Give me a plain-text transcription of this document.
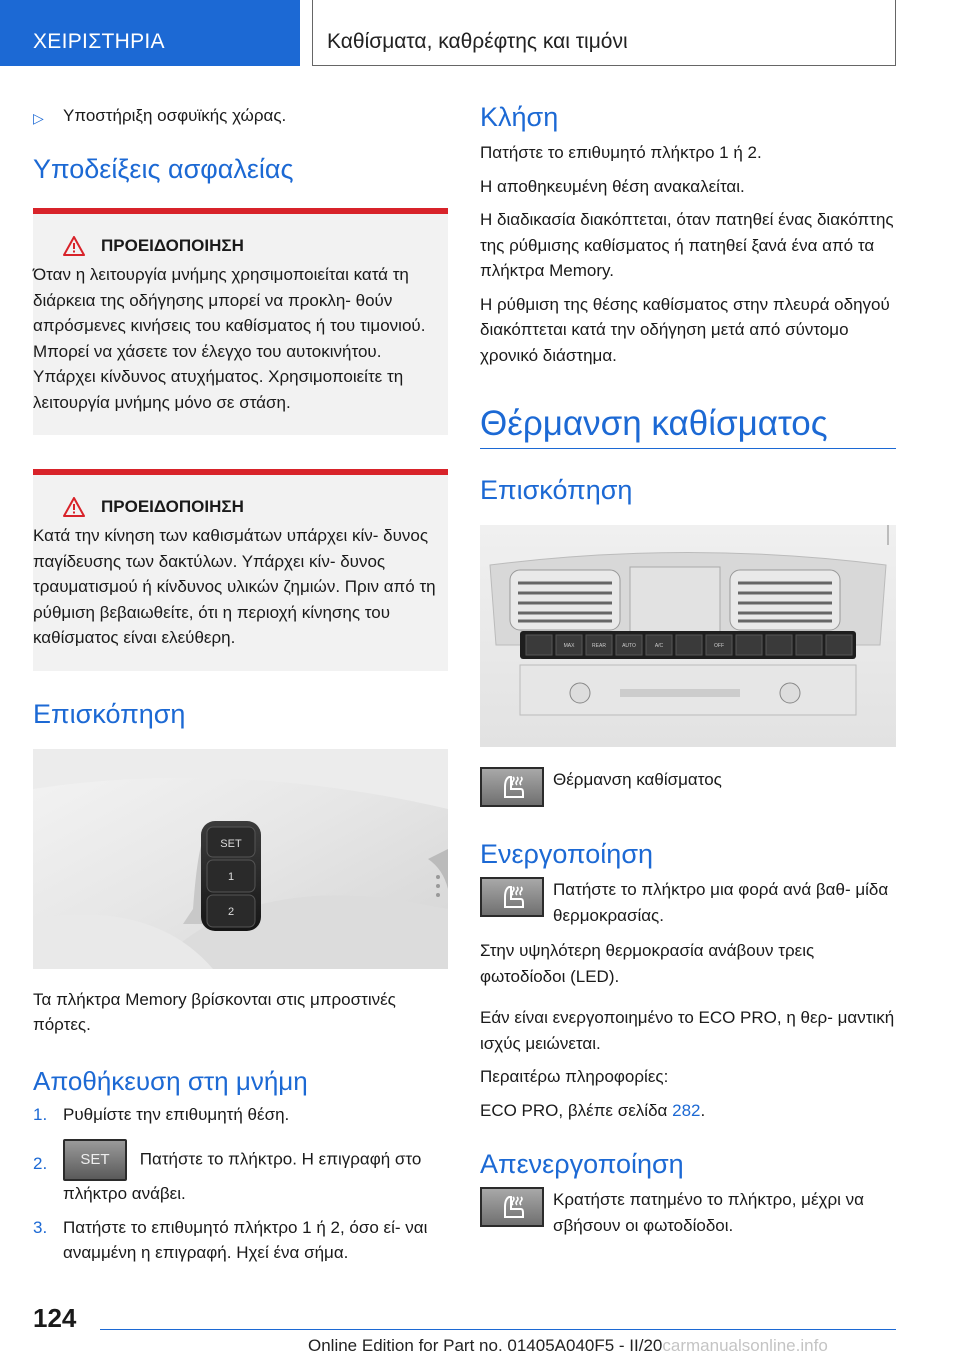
ΧΕΙΡΙΣΤΗΡΙΑ	Καθίσματα, καθρέφτης και τιμόνι
▷	Υποστήριξη οσφυϊκής χώρας.
Υποδείξεις ασφαλείας
ΠΡΟΕΙΔΟΠΟΙΗΣΗ
Όταν η λειτουργία μνήμης χρησιμοποιείται κατά τη διάρκεια της οδήγησης μπορεί να προκλη- θούν απρόσμενες κινήσεις του καθίσματος ή του τιμονιού. Μπορεί να χάσετε τον έλεγχο του αυτοκινήτου. Υπάρχει κίνδυνος ατυχήματος. Χρησιμοποιείτε τη λειτουργία μνήμης μόνο σε στάση.
ΠΡΟΕΙΔΟΠΟΙΗΣΗ
Κατά την κίνηση των καθισμάτων υπάρχει κίν- δυνος παγίδευσης των δακτύλων. Υπάρχει κίν- δυνος τραυματισμού ή κίνδυνος υλικών ζημιών. Πριν από τη ρύθμιση βεβαιωθείτε, ότι η περιοχή κίνησης του καθίσματος είναι ελεύθερη.
Επισκόπηση
SET
1
2

Τα πλήκτρα Memory βρίσκονται στις μπροστινές πόρτες.

Αποθήκευση στη μνήμη
1. Ρυθμίστε την επιθυμητή θέση.
2.	SET Πατήστε το πλήκτρο. Η επιγραφή στο πλήκτρο ανάβει.
3. Πατήστε το επιθυμητό πλήκτρο 1 ή 2, όσο εί- ναι αναμμένη η επιγραφή. Ηχεί ένα σήμα.
Κλήση

Πατήστε το επιθυμητό πλήκτρο 1 ή 2.

Η αποθηκευμένη θέση ανακαλείται.

Η διαδικασία διακόπτεται, όταν πατηθεί ένας διακόπτης της ρύθμισης καθίσματος ή πατηθεί ξανά ένα από τα πλήκτρα Memory.

Η ρύθμιση της θέσης καθίσματος στην πλευρά οδηγού διακόπτεται κατά την οδήγηση μετά από σύντομο χρονικό διάστημα.

Θέρμανση καθίσματος
Επισκόπηση
MAX	REAR	AUTO	A/C	OFF

Θέρμανση καθίσματος

Ενεργοποίηση

Πατήστε το πλήκτρο μια φορά ανά βαθ- μίδα θερμοκρασίας.

Στην υψηλότερη θερμοκρασία ανάβουν τρεις φωτοδίοδοι (LED).

Εάν είναι ενεργοποιημένο το ECO PRO, η θερ- μαντική ισχύς μειώνεται.

Περαιτέρω πληροφορίες:

ECO PRO, βλέπε σελίδα 282.

Απενεργοποίηση

Κρατήστε πατημένο το πλήκτρο, μέχρι να σβήσουν οι φωτοδίοδοι.

124
Online Edition for Part no. 01405A040F5 - II/20carmanualsonline.info
